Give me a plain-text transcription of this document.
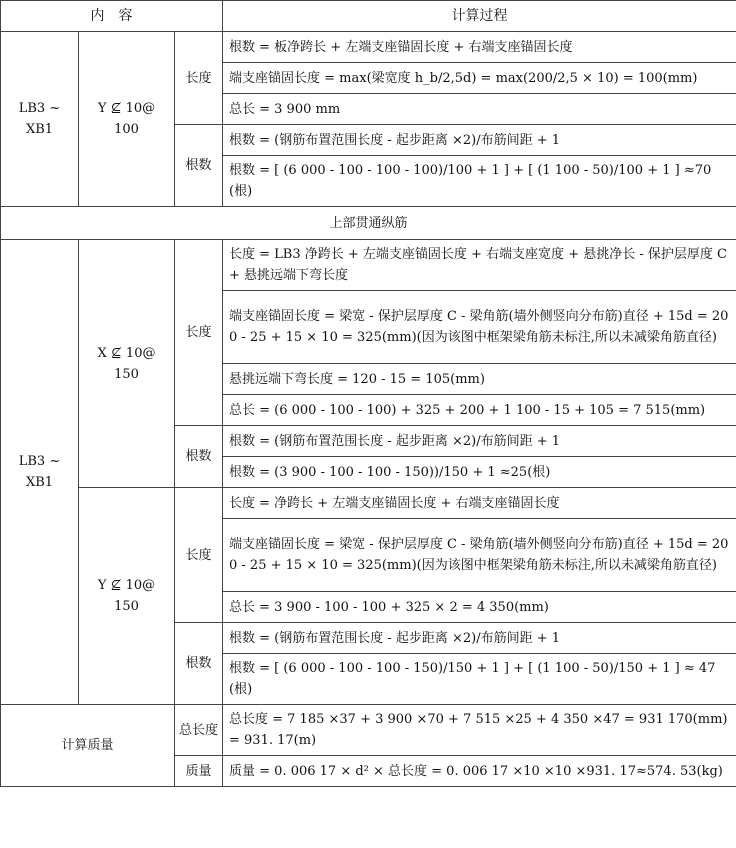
内　容			计算过程
LB3 ~ XB1	Y ⊈ 10@ 100	长度	根数 = 板净跨长 + 左端支座锚固长度 + 右端支座锚固长度
			端支座锚固长度 = max(梁宽度 h_b/2,5d) = max(200/2,5 × 10) = 100(mm)
			总长 = 3 900 mm
		根数	根数 = (钢筋布置范围长度 - 起步距离 ×2)/布筋间距 + 1
			根数 = [ (6 000 - 100 - 100 - 100)/100 + 1 ] + [ (1 100 - 50)/100 + 1 ] ≈70 (根)
上部贯通纵筋			
LB3 ~ XB1	X ⊈ 10@ 150	长度	长度 = LB3 净跨长 + 左端支座锚固长度 + 右端支座宽度 + 悬挑净长 - 保护层厚度 C + 悬挑远端下弯长度
			端支座锚固长度 = 梁宽 - 保护层厚度 C - 梁角筋(墙外侧竖向分布筋)直径 + 15d = 200 - 25 + 15 × 10 = 325(mm)(因为该图中框架梁角筋未标注,所以未减梁角筋直径)
			悬挑远端下弯长度 = 120 - 15 = 105(mm)
			总长 = (6 000 - 100 - 100) + 325 + 200 + 1 100 - 15 + 105 = 7 515(mm)
		根数	根数 = (钢筋布置范围长度 - 起步距离 ×2)/布筋间距 + 1
			根数 = (3 900 - 100 - 100 - 150))/150 + 1 ≈25(根)
	Y ⊈ 10@ 150	长度	长度 = 净跨长 + 左端支座锚固长度 + 右端支座锚固长度
			端支座锚固长度 = 梁宽 - 保护层厚度 C - 梁角筋(墙外侧竖向分布筋)直径 + 15d = 200 - 25 + 15 × 10 = 325(mm)(因为该图中框架梁角筋未标注,所以未减梁角筋直径)
			总长 = 3 900 - 100 - 100 + 325 × 2 = 4 350(mm)
		根数	根数 = (钢筋布置范围长度 - 起步距离 ×2)/布筋间距 + 1
			根数 = [ (6 000 - 100 - 100 - 150)/150 + 1 ] + [ (1 100 - 50)/150 + 1 ] ≈ 47(根)
计算质量		总长度	总长度 = 7 185 ×37 + 3 900 ×70 + 7 515 ×25 + 4 350 ×47 = 931 170(mm) = 931. 17(m)
		质量	质量 = 0. 006 17 × d² × 总长度 = 0. 006 17 ×10 ×10 ×931. 17≈574. 53(kg)
